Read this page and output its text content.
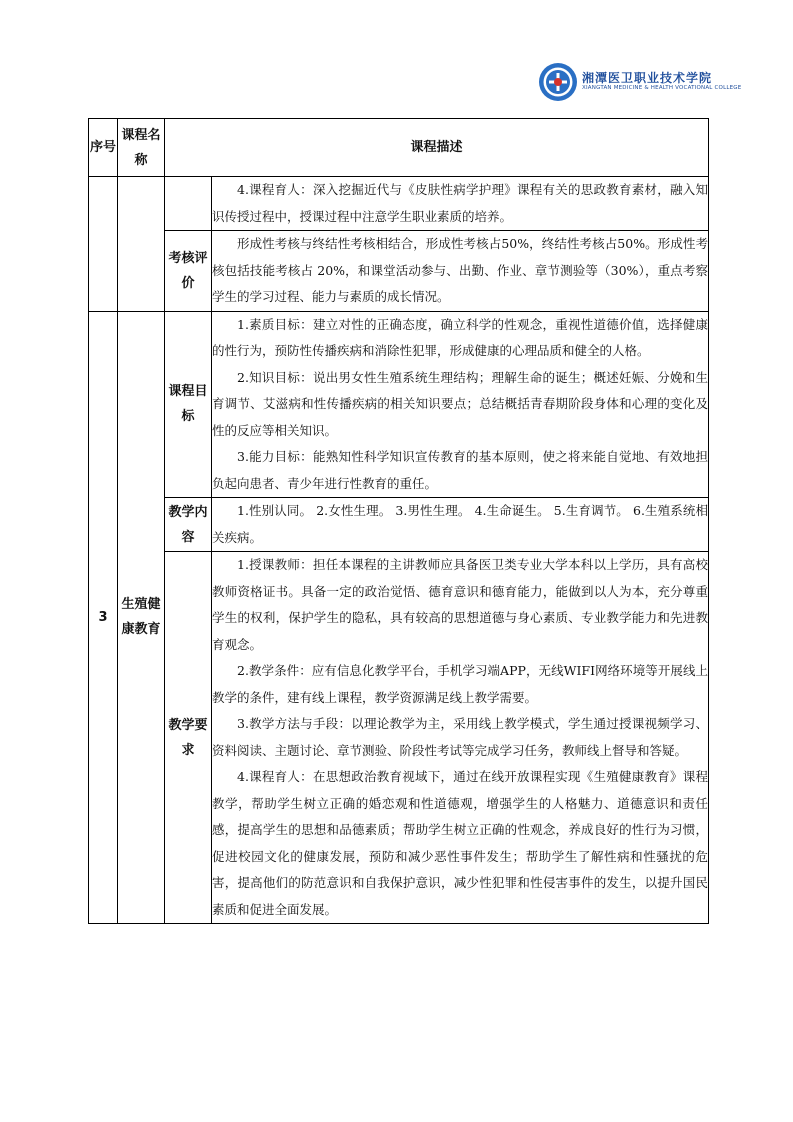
湘潭医卫职业技术学院
XIANGTAN MEDICINE & HEALTH VOCATIONAL COLLEGE
序号	课程名称	课程描述	

			4.课程育人：深入挖掘近代与《皮肤性病学护理》课程有关的思政教育素材，融入知识传授过程中，授课过程中注意学生职业素质的培养。

		考核评价	形成性考核与终结性考核相结合，形成性考核占50%，终结性考核占50%。形成性考核包括技能考核占 20%，和课堂活动参与、出勤、作业、章节测验等（30%），重点考察学生的学习过程、能力与素质的成长情况。

3	生殖健康教育	课程目标	1.素质目标：建立对性的正确态度，确立科学的性观念，重视性道德价值，选择健康的性行为，预防性传播疾病和消除性犯罪，形成健康的心理品质和健全的人格。

2.知识目标：说出男女性生殖系统生理结构；理解生命的诞生；概述妊娠、分娩和生育调节、艾滋病和性传播疾病的相关知识要点；总结概括青春期阶段身体和心理的变化及性的反应等相关知识。

3.能力目标：能熟知性科学知识宣传教育的基本原则，使之将来能自觉地、有效地担负起向患者、青少年进行性教育的重任。

		教学内容	1.性别认同。 2.女性生理。 3.男性生理。 4.生命诞生。 5.生育调节。 6.生殖系统相关疾病。

		教学要求	1.授课教师：担任本课程的主讲教师应具备医卫类专业大学本科以上学历，具有高校教师资格证书。具备一定的政治觉悟、德育意识和德育能力，能做到以人为本，充分尊重学生的权利，保护学生的隐私，具有较高的思想道德与身心素质、专业教学能力和先进教育观念。

2.教学条件：应有信息化教学平台，手机学习端APP，无线WIFI网络环境等开展线上教学的条件，建有线上课程，教学资源满足线上教学需要。

3.教学方法与手段：以理论教学为主，采用线上教学模式，学生通过授课视频学习、资料阅读、主题讨论、章节测验、阶段性考试等完成学习任务，教师线上督导和答疑。

4.课程育人：在思想政治教育视域下，通过在线开放课程实现《生殖健康教育》课程教学，帮助学生树立正确的婚恋观和性道德观，增强学生的人格魅力、道德意识和责任感，提高学生的思想和品德素质；帮助学生树立正确的性观念，养成良好的性行为习惯，促进校园文化的健康发展，预防和减少恶性事件发生；帮助学生了解性病和性骚扰的危害，提高他们的防范意识和自我保护意识，减少性犯罪和性侵害事件的发生，以提升国民素质和促进全面发展。
